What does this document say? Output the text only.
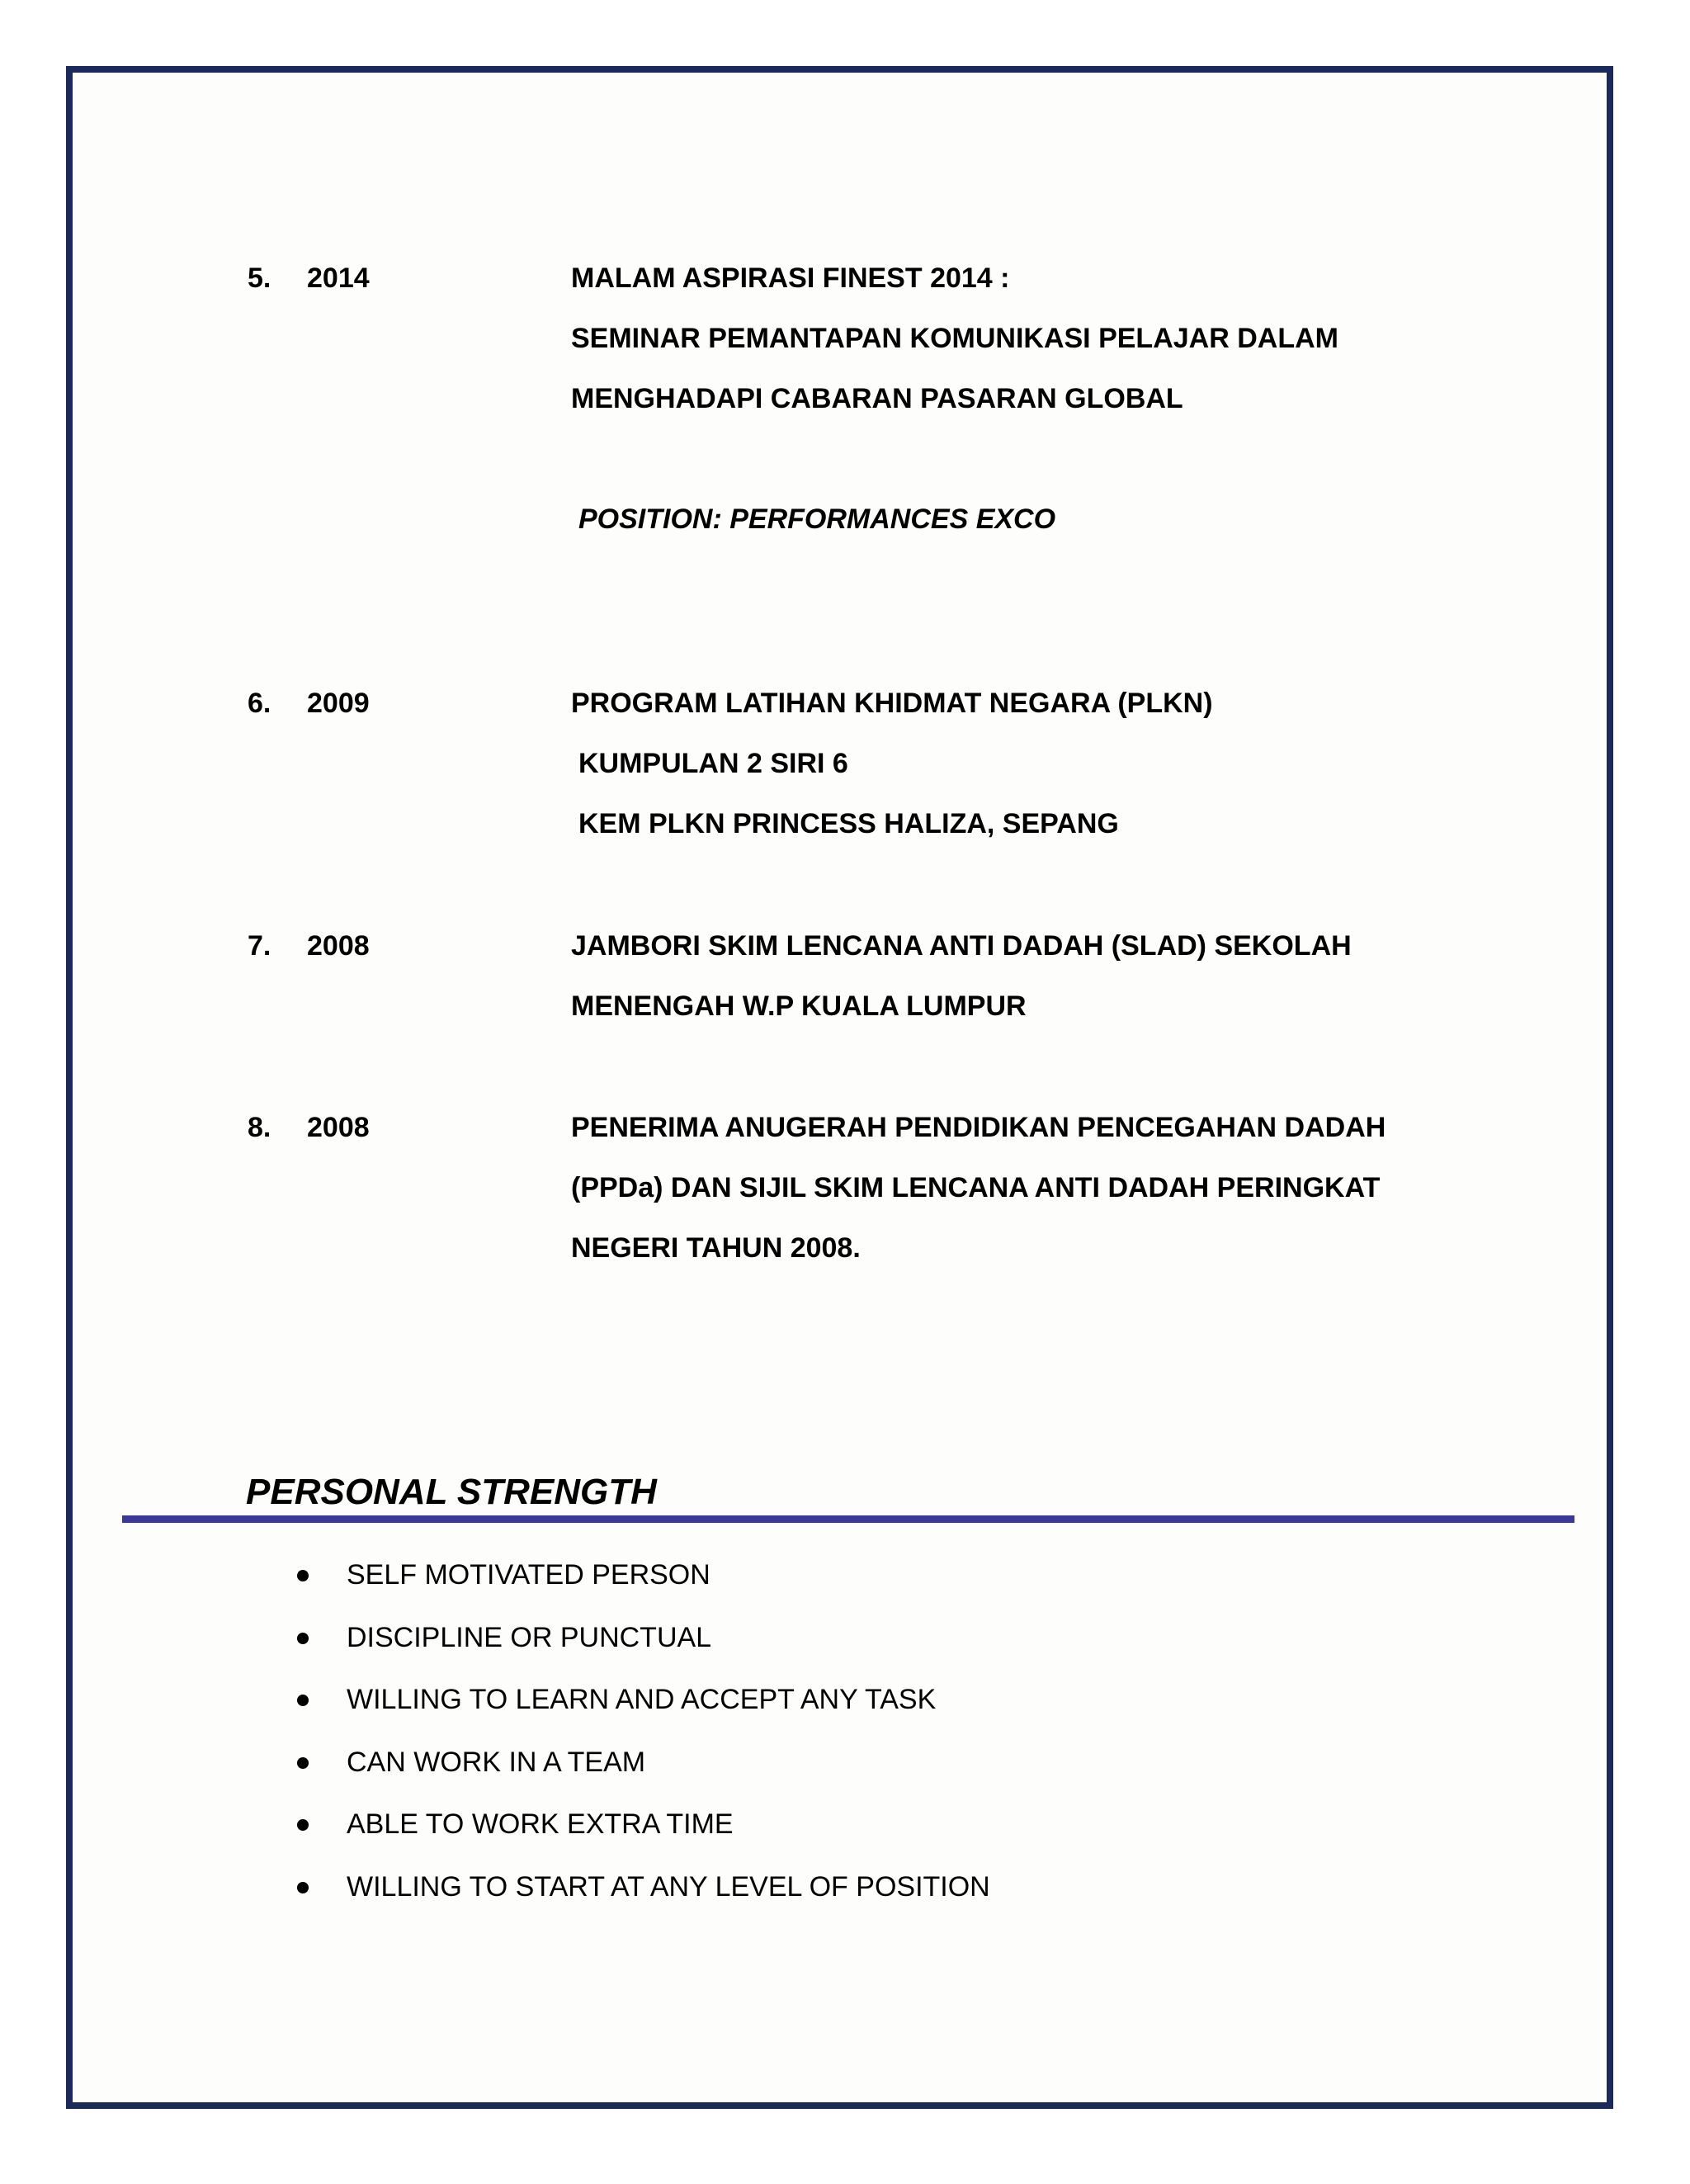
5. 2014	MALAM ASPIRASI FINEST 2014 :
SEMINAR PEMANTAPAN KOMUNIKASI PELAJAR DALAM
MENGHADAPI CABARAN PASARAN GLOBAL
POSITION: PERFORMANCES EXCO
6. 2009	PROGRAM LATIHAN KHIDMAT NEGARA (PLKN)
KUMPULAN 2 SIRI 6
KEM PLKN PRINCESS HALIZA, SEPANG
7. 2008	JAMBORI SKIM LENCANA ANTI DADAH (SLAD) SEKOLAH
MENENGAH W.P KUALA LUMPUR
8. 2008	PENERIMA ANUGERAH PENDIDIKAN PENCEGAHAN DADAH
(PPDa) DAN SIJIL SKIM LENCANA ANTI DADAH PERINGKAT
NEGERI TAHUN 2008.
PERSONAL STRENGTH
SELF MOTIVATED PERSON
DISCIPLINE OR PUNCTUAL
WILLING TO LEARN AND ACCEPT ANY TASK
CAN WORK IN A TEAM
ABLE TO WORK EXTRA TIME
WILLING TO START AT ANY LEVEL OF POSITION
